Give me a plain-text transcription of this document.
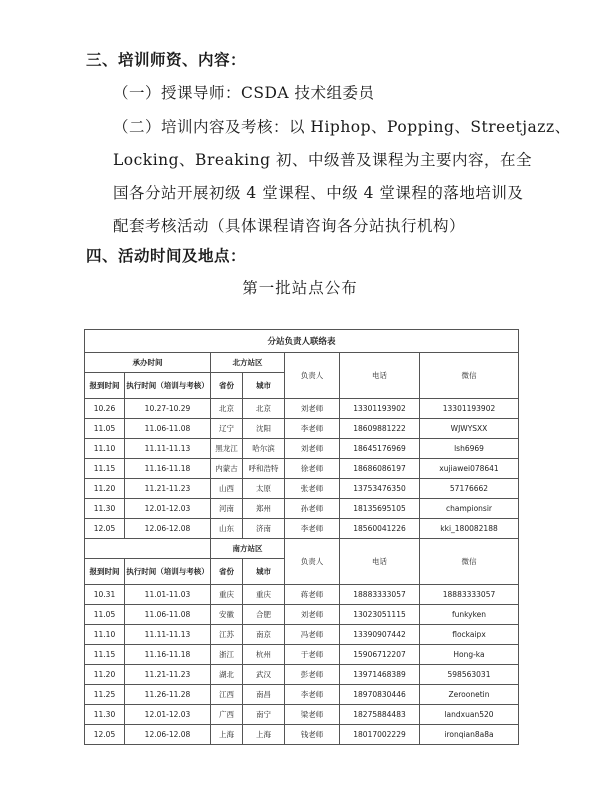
三、培训师资、内容：
（一）授课导师：CSDA 技术组委员
（二）培训内容及考核：以 Hiphop、Popping、Streetjazz、
Locking、Breaking 初、中级普及课程为主要内容，在全
国各分站开展初级 4 堂课程、中级 4 堂课程的落地培训及
配套考核活动（具体课程请咨询各分站执行机构）
四、活动时间及地点：
第一批站点公布
分站负责人联络表						
承办时间		北方站区		负责人	电话	微信
报到时间	执行时间（培训与考核）	省份	城市			
10.26	10.27-10.29	北京	北京	刘老师	13301193902	13301193902
11.05	11.06-11.08	辽宁	沈阳	李老师	18609881222	WJWYSXX
11.10	11.11-11.13	黑龙江	哈尔滨	刘老师	18645176969	lsh6969
11.15	11.16-11.18	内蒙古	呼和浩特	徐老师	18686086197	xujiawei078641
11.20	11.21-11.23	山西	太原	张老师	13753476350	57176662
11.30	12.01-12.03	河南	郑州	孙老师	18135695105	championsir
12.05	12.06-12.08	山东	济南	李老师	18560041226	kki_180082188
		南方站区		负责人	电话	微信
报到时间	执行时间（培训与考核）	省份	城市			
10.31	11.01-11.03	重庆	重庆	蒋老师	18883333057	18883333057
11.05	11.06-11.08	安徽	合肥	刘老师	13023051115	funkyken
11.10	11.11-11.13	江苏	南京	冯老师	13390907442	flockaipx
11.15	11.16-11.18	浙江	杭州	于老师	15906712207	Hong-ka
11.20	11.21-11.23	湖北	武汉	彭老师	13971468389	598563031
11.25	11.26-11.28	江西	南昌	李老师	18970830446	Zeroonetin
11.30	12.01-12.03	广西	南宁	梁老师	18275884483	landxuan520
12.05	12.06-12.08	上海	上海	钱老师	18017002229	ironqian8a8a
